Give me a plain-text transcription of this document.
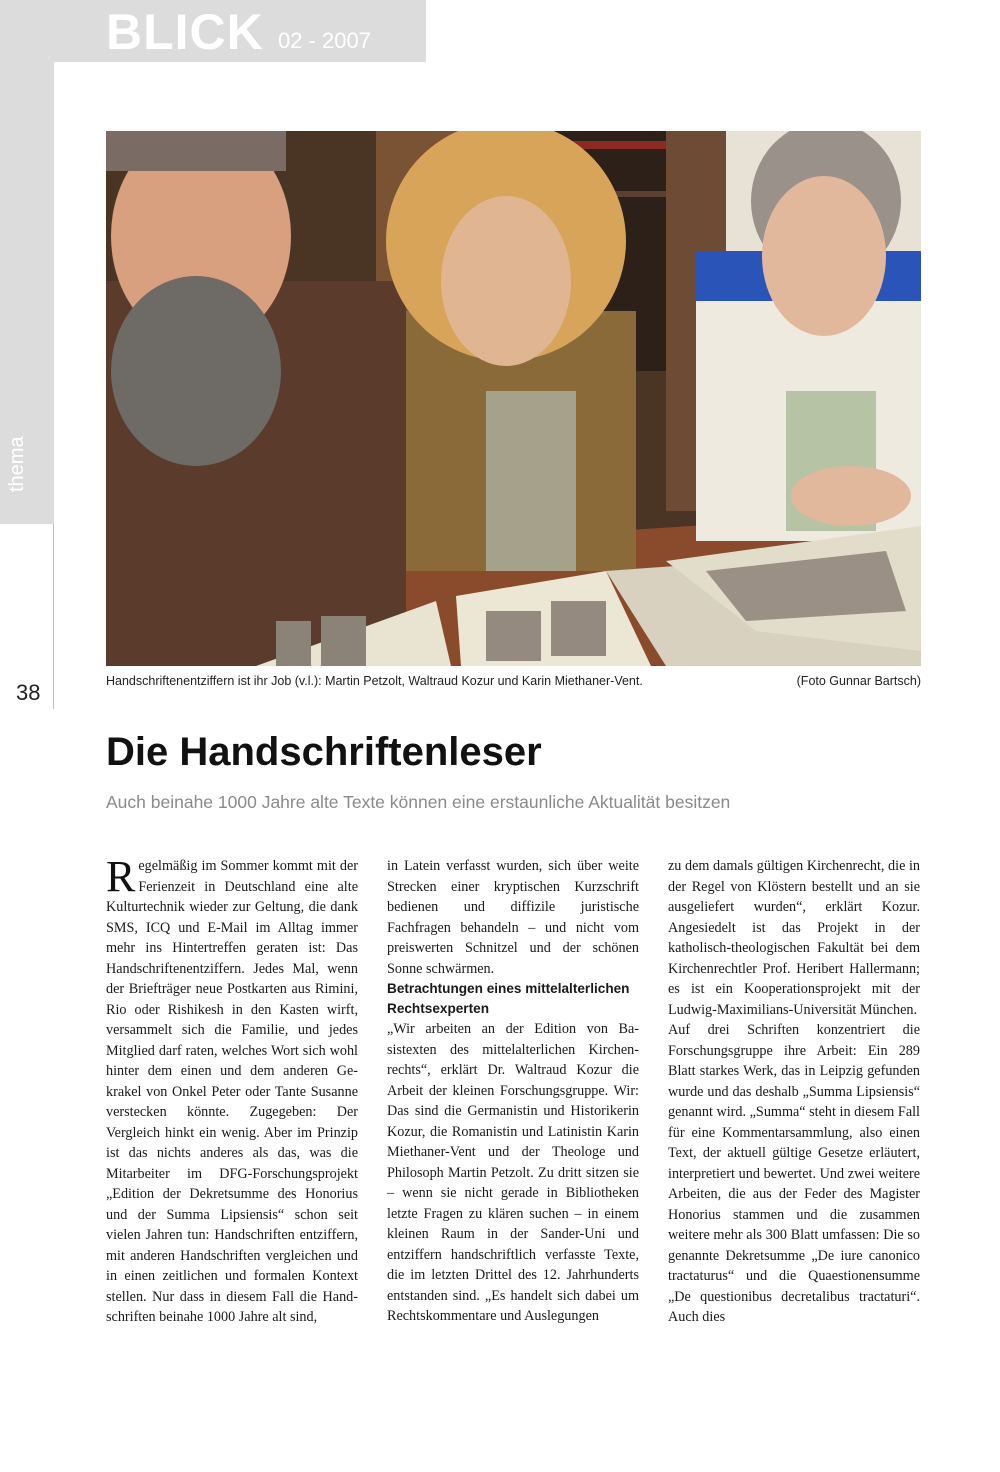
BLICK 02 - 2007
thema
38	Handschriftenentziffern ist ihr Job (v.l.): Martin Petzolt, Waltraud Kozur und Karin Miethaner-Vent.	(Foto Gunnar Bartsch)
Die Handschriftenleser

Auch beinahe 1000 Jahre alte Texte können eine erstaunliche Aktualität besitzen

R egelmäßig im Sommer kommt mit der Ferienzeit in Deutschland eine alte Kulturtechnik wieder zur Geltung, die dank SMS, ICQ und E-Mail im Alltag immer mehr ins Hintertreffen geraten ist: Das Handschriftenentziffern. Jedes Mal, wenn der Briefträger neue Postkarten aus Rimini, Rio oder Rishikesh in den Kasten wirft, versammelt sich die Familie, und jedes Mitglied darf raten, welches Wort sich wohl hinter dem einen und dem anderen Gekrakel von Onkel Peter oder Tante Susanne verstecken könnte. Zugegeben: Der Vergleich hinkt ein wenig. Aber im Prinzip ist das nichts anderes als das, was die Mitarbeiter im DFG-Forschungsprojekt „Edition der Dekretsumme des Honorius und der Summa Lipsiensis“ schon seit vielen Jahren tun: Handschriften entziffern, mit anderen Handschriften vergleichen und in einen zeitlichen und formalen Kontext stellen. Nur dass in diesem Fall die Handschriften beinahe 1000 Jahre alt sind,

in Latein verfasst wurden, sich über weite Strecken einer kryptischen Kurzschrift bedienen und diffizile juristische Fachfragen behandeln – und nicht vom preiswerten Schnitzel und der schönen Sonne schwärmen.

Betrachtungen eines mittelalterlichen Rechtsexperten

„Wir arbeiten an der Edition von Basistexten des mittelalterlichen Kirchenrechts“, erklärt Dr. Waltraud Kozur die Arbeit der kleinen Forschungsgruppe. Wir: Das sind die Germanistin und Historikerin Kozur, die Romanistin und Latinistin Karin Miethaner-Vent und der Theologe und Philosoph Martin Petzolt. Zu dritt sitzen sie – wenn sie nicht gerade in Bibliotheken letzte Fragen zu klären suchen – in einem kleinen Raum in der Sander-Uni und entziffern handschriftlich verfasste Texte, die im letzten Drittel des 12. Jahrhunderts entstanden sind. „Es handelt sich dabei um Rechtskommentare und Auslegungen

zu dem damals gültigen Kirchenrecht, die in der Regel von Klöstern bestellt und an sie ausgeliefert wurden“, erklärt Kozur. Angesiedelt ist das Projekt in der katholisch-theologischen Fakultät bei dem Kirchenrechtler Prof. Heribert Hallermann; es ist ein Kooperationsprojekt mit der Ludwig-Maximilians-Universität München.

Auf drei Schriften konzentriert die Forschungsgruppe ihre Arbeit: Ein 289 Blatt starkes Werk, das in Leipzig gefunden wurde und das deshalb „Summa Lipsiensis“ genannt wird. „Summa“ steht in diesem Fall für eine Kommentarsammlung, also einen Text, der aktuell gültige Gesetze erläutert, interpretiert und bewertet. Und zwei weitere Arbeiten, die aus der Feder des Magister Honorius stammen und die zusammen weitere mehr als 300 Blatt umfassen: Die so genannte Dekretsumme „De iure canonico tractaturus“ und die Quaestionensumme „De questionibus decretalibus tractaturi“. Auch dies
